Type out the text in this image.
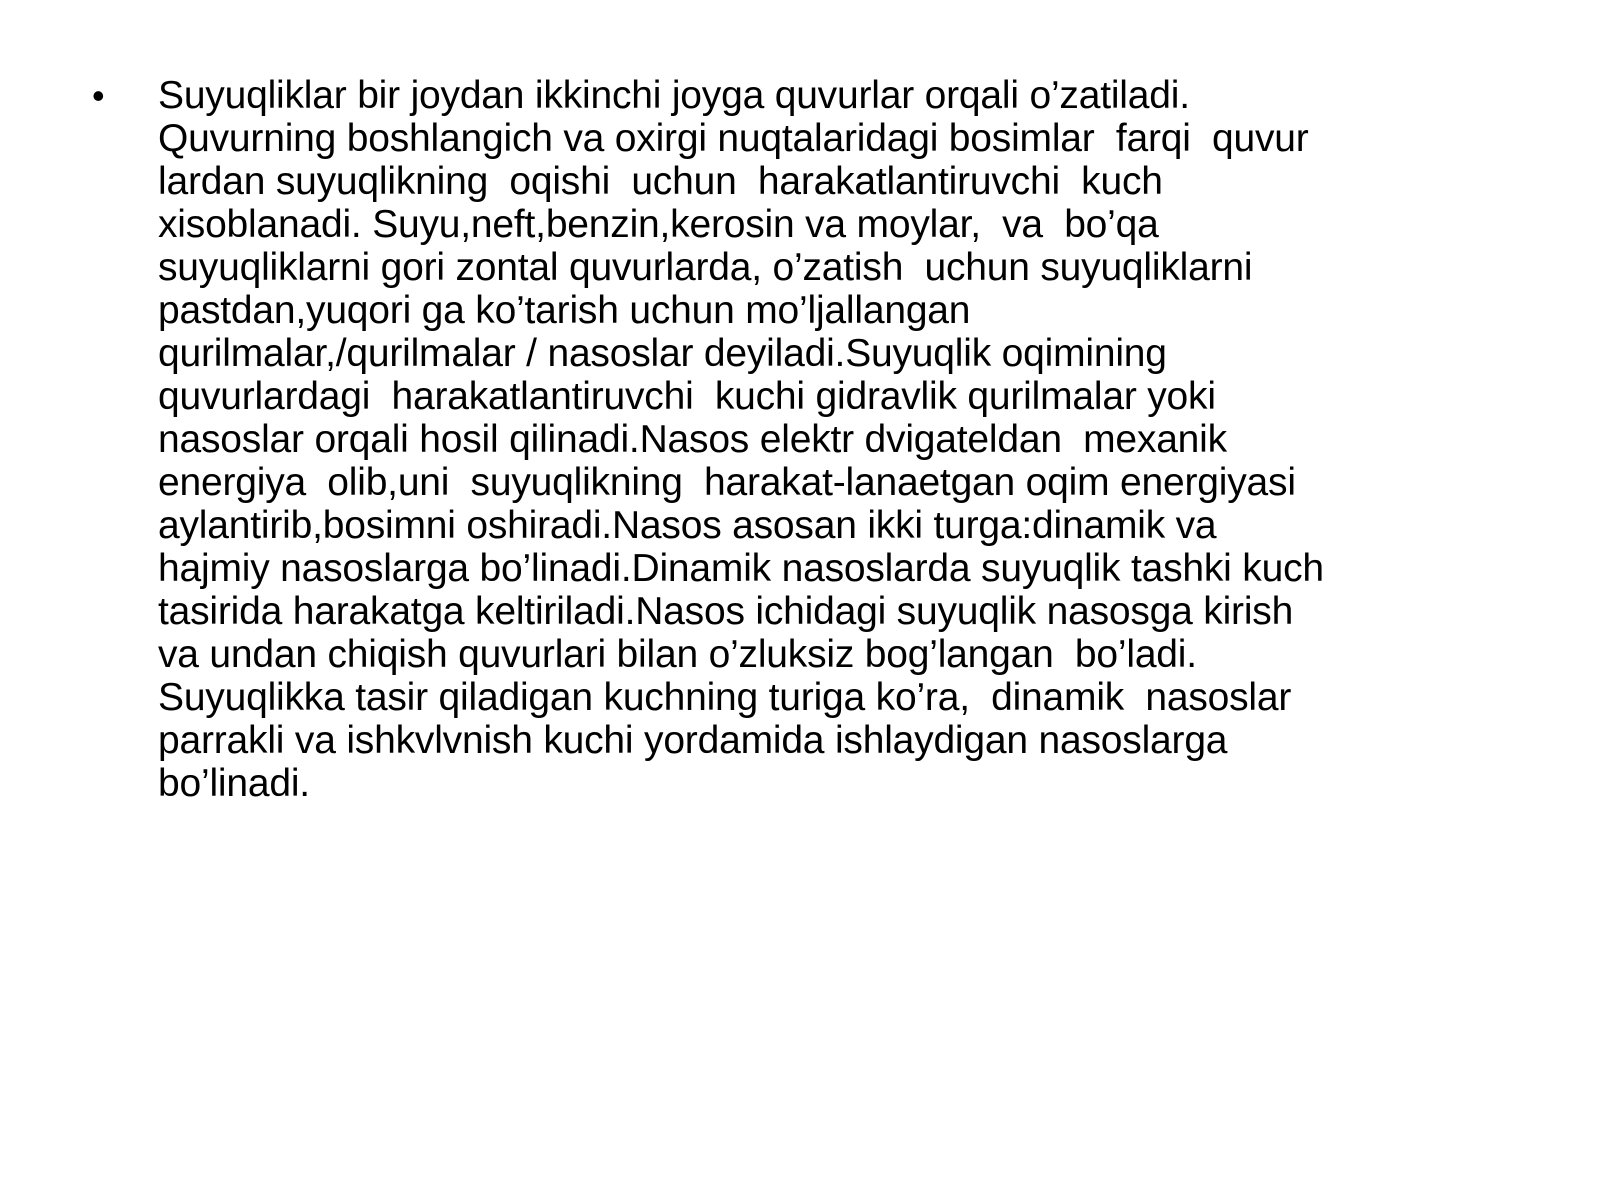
•	Suyuqliklar bir joydan ikkinchi joyga quvurlar orqali o’zatiladi.
Quvurning boshlangich va oxirgi nuqtalaridagi bosimlar  farqi  quvur
lardan suyuqlikning  oqishi  uchun  harakatlantiruvchi  kuch
xisoblanadi. Suyu,neft,benzin,kerosin va moylar,  va  bo’qa
suyuqliklarni gori zontal quvurlarda, o’zatish  uchun suyuqliklarni
pastdan,yuqori ga ko’tarish uchun mo’ljallangan
qurilmalar,/qurilmalar / nasoslar deyiladi.Suyuqlik oqimining
quvurlardagi  harakatlantiruvchi  kuchi gidravlik qurilmalar yoki
nasoslar orqali hosil qilinadi.Nasos elektr dvigateldan  mexanik
energiya  olib,uni  suyuqlikning  harakat-lanaetgan oqim energiyasi
aylantirib,bosimni oshiradi.Nasos asosan ikki turga:dinamik va
hajmiy nasoslarga bo’linadi.Dinamik nasoslarda suyuqlik tashki kuch
tasirida harakatga keltiriladi.Nasos ichidagi suyuqlik nasosga kirish
va undan chiqish quvurlari bilan o’zluksiz bog’langan  bo’ladi.
Suyuqlikka tasir qiladigan kuchning turiga ko’ra,  dinamik  nasoslar
parrakli va ishkvlvnish kuchi yordamida ishlaydigan nasoslarga
bo’linadi.
